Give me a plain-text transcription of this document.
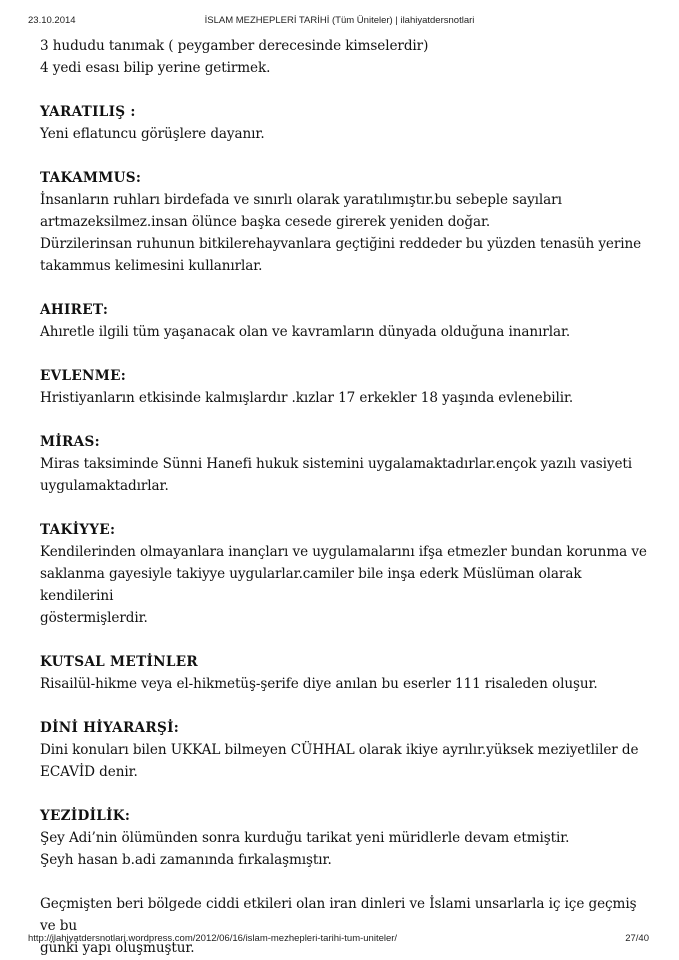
23.10.2014	İSLAM MEZHEPLERİ TARİHİ (Tüm Üniteler) | ilahiyatdersnotlari

3 hududu tanımak ( peygamber derecesinde kimselerdir)

4 yedi esası bilip yerine getirmek.

YARATILIŞ :

Yeni eflatuncu görüşlere dayanır.

TAKAMMUS:

İnsanların ruhları birdefada ve sınırlı olarak yaratılımıştır.bu sebeple sayıları

artmazeksilmez.insan ölünce başka cesede girerek yeniden doğar.

Dürzilerinsan ruhunun bitkilerehayvanlara geçtiğini reddeder bu yüzden tenasüh yerine

takammus kelimesini kullanırlar.

AHIRET:

Ahıretle ilgili tüm yaşanacak olan ve kavramların dünyada olduğuna inanırlar.

EVLENME:

Hristiyanların etkisinde kalmışlardır .kızlar 17 erkekler 18 yaşında evlenebilir.

MİRAS:

Miras taksiminde Sünni Hanefi hukuk sistemini uygalamaktadırlar.ençok yazılı vasiyeti

uygulamaktadırlar.

TAKİYYE:

Kendilerinden olmayanlara inançları ve uygulamalarını ifşa etmezler bundan korunma ve

saklanma gayesiyle takiyye uygularlar.camiler bile inşa ederk Müslüman olarak kendilerini

göstermişlerdir.

KUTSAL METİNLER

Risailül-hikme veya el-hikmetüş-şerife diye anılan bu eserler 111 risaleden oluşur.

DİNİ HİYARARŞİ:

Dini konuları bilen UKKAL bilmeyen CÜHHAL olarak ikiye ayrılır.yüksek meziyetliler de

ECAVİD denir.

YEZİDİLİK:

Şey Adi’nin ölümünden sonra kurduğu tarikat yeni müridlerle devam etmiştir.

Şeyh hasan b.adi zamanında fırkalaşmıştır.

Geçmişten beri bölgede ciddi etkileri olan iran dinleri ve İslami unsarlarla iç içe geçmiş ve bu

günki yapı oluşmuştur.

http://ilahiyatdersnotlari.wordpress.com/2012/06/16/islam-mezhepleri-tarihi-tum-uniteler/	27/40
